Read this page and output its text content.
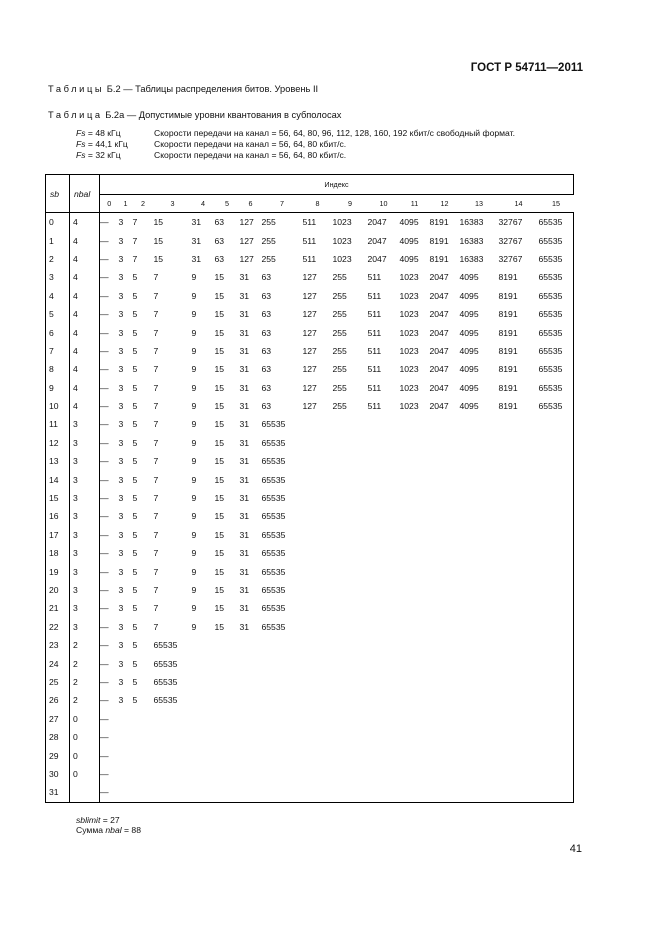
ГОСТ Р 54711—2011
Таблицы Б.2 — Таблицы распределения битов. Уровень II
Таблица Б.2а — Допустимые уровни квантования в субполосах
Fs = 48 кГц	Скорости передачи на канал = 56, 64, 80, 96, 112, 128, 160, 192 кбит/с свободный формат.
Fs = 44,1 кГц	Скорости передачи на канал = 56, 64, 80 кбит/с.
Fs = 32 кГц	Скорости передачи на канал = 56, 64, 80 кбит/с.
sb	nbal	Индекс															
		0	1	2	3	4	5	6	7	8	9	10	11	12	13	14	15
0	4	—	3	7	15	31	63	127	255	511	1023	2047	4095	8191	16383	32767	65535
1	4	—	3	7	15	31	63	127	255	511	1023	2047	4095	8191	16383	32767	65535
2	4	—	3	7	15	31	63	127	255	511	1023	2047	4095	8191	16383	32767	65535
3	4	—	3	5	7	9	15	31	63	127	255	511	1023	2047	4095	8191	65535
4	4	—	3	5	7	9	15	31	63	127	255	511	1023	2047	4095	8191	65535
5	4	—	3	5	7	9	15	31	63	127	255	511	1023	2047	4095	8191	65535
6	4	—	3	5	7	9	15	31	63	127	255	511	1023	2047	4095	8191	65535
7	4	—	3	5	7	9	15	31	63	127	255	511	1023	2047	4095	8191	65535
8	4	—	3	5	7	9	15	31	63	127	255	511	1023	2047	4095	8191	65535
9	4	—	3	5	7	9	15	31	63	127	255	511	1023	2047	4095	8191	65535
10	4	—	3	5	7	9	15	31	63	127	255	511	1023	2047	4095	8191	65535
11	3	—	3	5	7	9	15	31	65535								
12	3	—	3	5	7	9	15	31	65535								
13	3	—	3	5	7	9	15	31	65535								
14	3	—	3	5	7	9	15	31	65535								
15	3	—	3	5	7	9	15	31	65535								
16	3	—	3	5	7	9	15	31	65535								
17	3	—	3	5	7	9	15	31	65535								
18	3	—	3	5	7	9	15	31	65535								
19	3	—	3	5	7	9	15	31	65535								
20	3	—	3	5	7	9	15	31	65535								
21	3	—	3	5	7	9	15	31	65535								
22	3	—	3	5	7	9	15	31	65535								
23	2	—	3	5	65535												
24	2	—	3	5	65535												
25	2	—	3	5	65535												
26	2	—	3	5	65535												
27	0	—															
28	0	—															
29	0	—															
30	0	—															
31		—															
sblimit = 27
Сумма nbal = 88
41
